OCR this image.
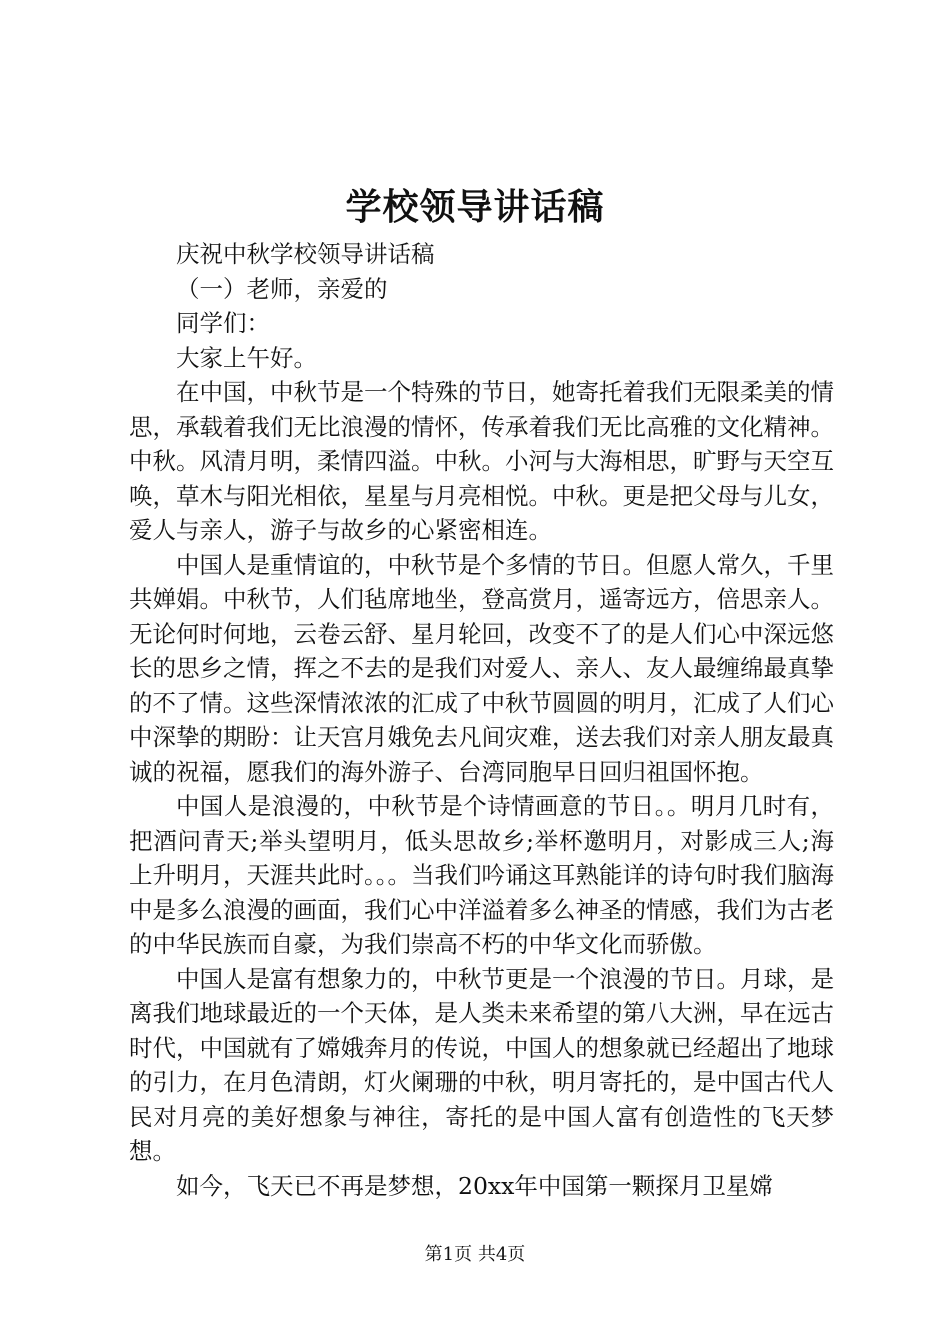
学校领导讲话稿

庆祝中秋学校领导讲话稿

（一）老师，亲爱的

同学们：

大家上午好。

在中国，中秋节是一个特殊的节日，她寄托着我们无限柔美的情思，承载着我们无比浪漫的情怀，传承着我们无比高雅的文化精神。中秋。风清月明，柔情四溢。中秋。小河与大海相思，旷野与天空互唤，草木与阳光相依，星星与月亮相悦。中秋。更是把父母与儿女，爱人与亲人，游子与故乡的心紧密相连。

中国人是重情谊的，中秋节是个多情的节日。但愿人常久，千里共婵娟。中秋节，人们毡席地坐，登高赏月，遥寄远方，倍思亲人。无论何时何地，云卷云舒、星月轮回，改变不了的是人们心中深远悠长的思乡之情，挥之不去的是我们对爱人、亲人、友人最缠绵最真挚的不了情。这些深情浓浓的汇成了中秋节圆圆的明月，汇成了人们心中深挚的期盼：让天宫月娥免去凡间灾难，送去我们对亲人朋友最真诚的祝福，愿我们的海外游子、台湾同胞早日回归祖国怀抱。

中国人是浪漫的，中秋节是个诗情画意的节日。。明月几时有，把酒问青天;举头望明月，低头思故乡;举杯邀明月，对影成三人;海上升明月，天涯共此时。。。当我们吟诵这耳熟能详的诗句时我们脑海中是多么浪漫的画面，我们心中洋溢着多么神圣的情感，我们为古老的中华民族而自豪，为我们崇高不朽的中华文化而骄傲。

中国人是富有想象力的，中秋节更是一个浪漫的节日。月球，是离我们地球最近的一个天体，是人类未来希望的第八大洲，早在远古时代，中国就有了嫦娥奔月的传说，中国人的想象就已经超出了地球的引力，在月色清朗，灯火阑珊的中秋，明月寄托的，是中国古代人民对月亮的美好想象与神往，寄托的是中国人富有创造性的飞天梦想。

如今，飞天已不再是梦想，20xx年中国第一颗探月卫星嫦

第1页 共4页
